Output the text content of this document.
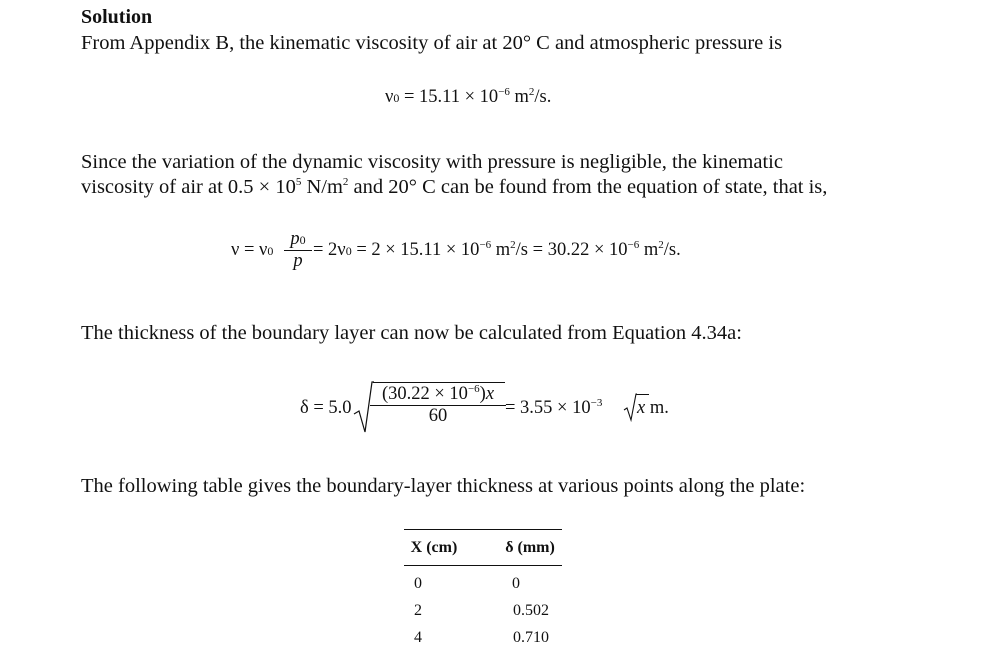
Solution
From Appendix B, the kinematic viscosity of air at 20° C and atmospheric pressure is
$\nu 0 = 15.11 \times 10^{-6}$ $m^2/s$.
Since the variation of the dynamic viscosity with pressure is negligible, the kinematic
viscosity of air at $0.5 \times 10^5$ $N/m^2$ and 20° C can be found from the equation of state, that is,
ν = ν0
p0
p
= $2\nu 0 = 2 \times 15.11 \times 10^{-6}$ $m^2/s = 30.22 \times 10^{-6}$ $m^2/s$.
The thickness of the boundary layer can now be calculated from Equation 4.34a:
δ = 5.0
$(30.22 \times 10^{-6})x$
60	= $3.55 \times 10^{-3}$ x m.
The following table gives the boundary-layer thickness at various points along the plate:
X (cm)	δ (mm)
0	0
2	0.502
4	0.710
